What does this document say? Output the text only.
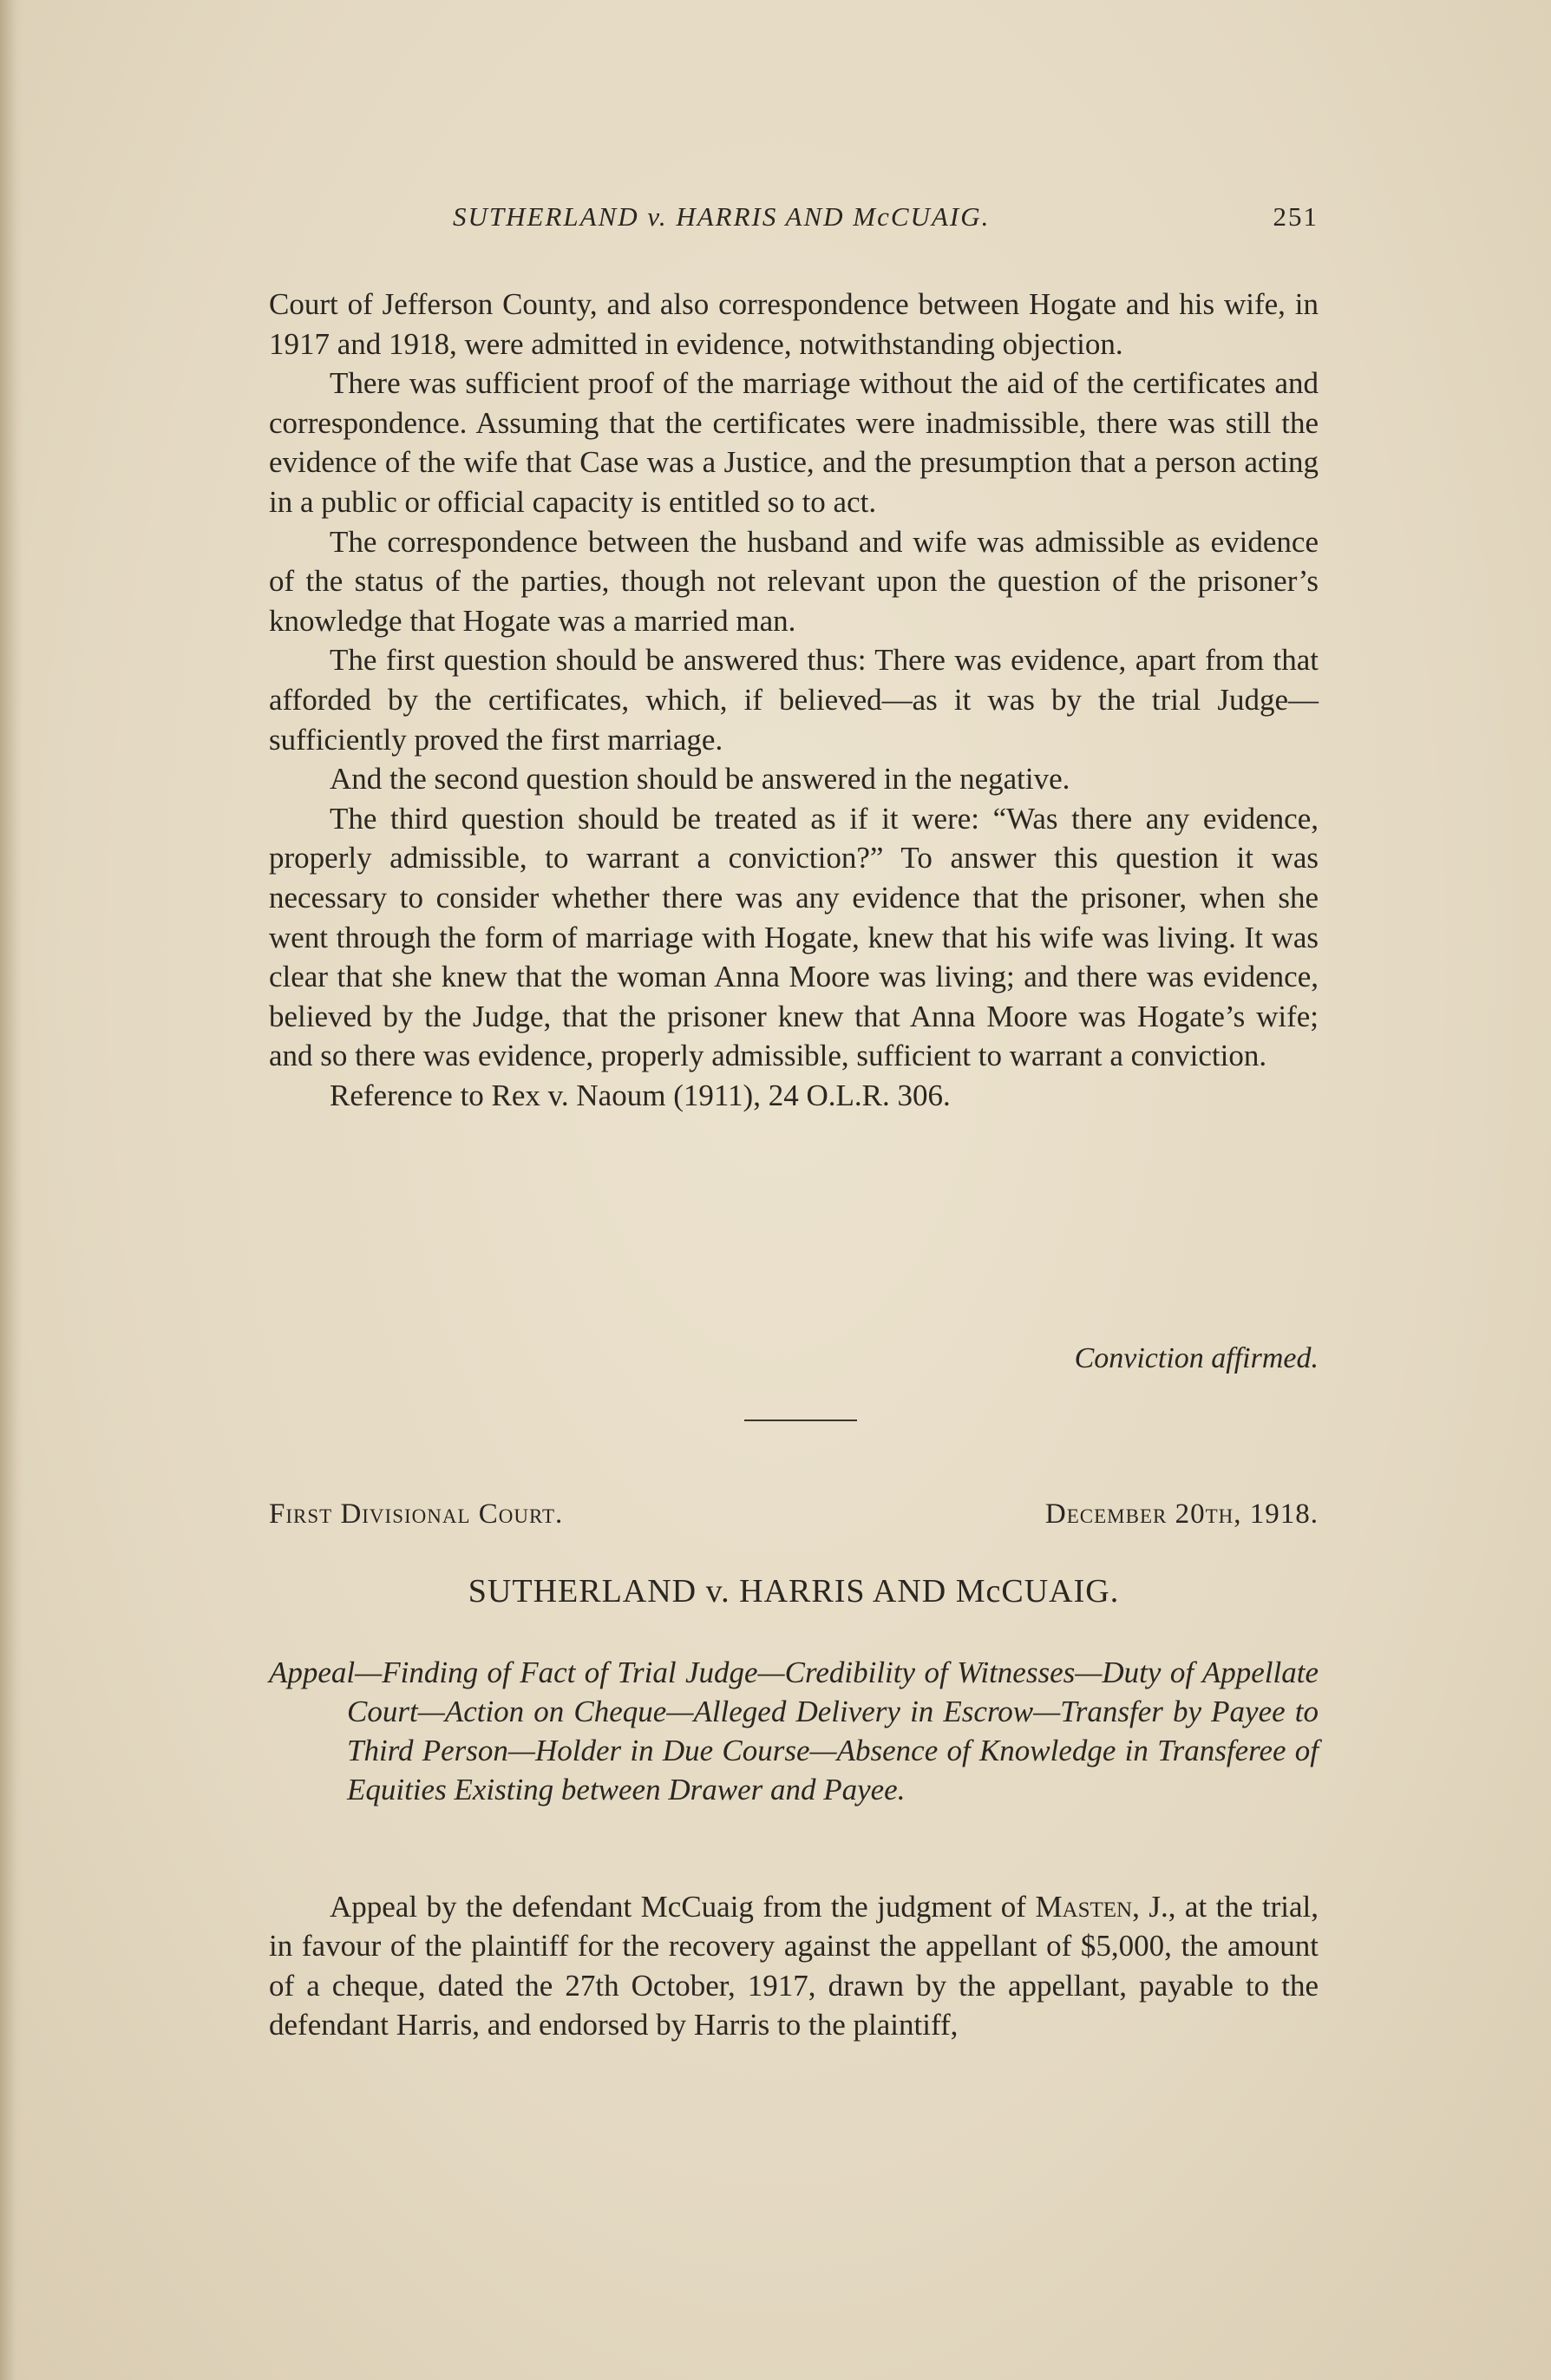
SUTHERLAND v. HARRIS AND McCUAIG.	251

Court of Jefferson County, and also correspondence between Hogate and his wife, in 1917 and 1918, were admitted in evidence, notwithstanding objection.

There was sufficient proof of the marriage without the aid of the certificates and correspondence. Assuming that the certificates were inadmissible, there was still the evidence of the wife that Case was a Justice, and the presumption that a person acting in a public or official capacity is entitled so to act.

The correspondence between the husband and wife was admissible as evidence of the status of the parties, though not relevant upon the question of the prisoner’s knowledge that Hogate was a married man.

The first question should be answered thus: There was evidence, apart from that afforded by the certificates, which, if believed—as it was by the trial Judge—sufficiently proved the first marriage.

And the second question should be answered in the negative.

The third question should be treated as if it were: “Was there any evidence, properly admissible, to warrant a conviction?” To answer this question it was necessary to consider whether there was any evidence that the prisoner, when she went through the form of marriage with Hogate, knew that his wife was living. It was clear that she knew that the woman Anna Moore was living; and there was evidence, believed by the Judge, that the prisoner knew that Anna Moore was Hogate’s wife; and so there was evidence, properly admissible, sufficient to warrant a conviction.

Reference to Rex v. Naoum (1911), 24 O.L.R. 306.

Conviction affirmed.
First Divisional Court.	December 20th, 1918.
SUTHERLAND v. HARRIS AND McCUAIG.
Appeal—Finding of Fact of Trial Judge—Credibility of Witnesses—Duty of Appellate Court—Action on Cheque—Alleged Delivery in Escrow—Transfer by Payee to Third Person—Holder in Due Course—Absence of Knowledge in Transferee of Equities Existing between Drawer and Payee.

Appeal by the defendant McCuaig from the judgment of Masten, J., at the trial, in favour of the plaintiff for the recovery against the appellant of $5,000, the amount of a cheque, dated the 27th October, 1917, drawn by the appellant, payable to the defendant Harris, and endorsed by Harris to the plaintiff,
